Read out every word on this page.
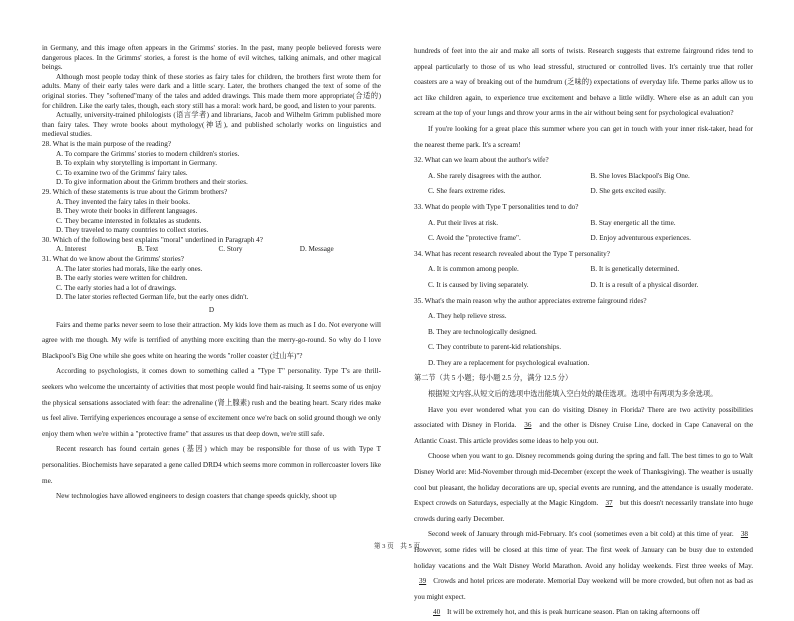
in Germany, and this image often appears in the Grimms' stories. In the past, many people believed forests were dangerous places. In the Grimms' stories, a forest is the home of evil witches, talking animals, and other magical beings.

Although most people today think of these stories as fairy tales for children, the brothers first wrote them for adults. Many of their early tales were dark and a little scary. Later, the brothers changed the text of some of the original stories. They "softened"many of the tales and added drawings. This made them more appropriate(合适的) for children. Like the early tales, though, each story still has a moral: work hard, be good, and listen to your parents.

Actually, university-trained philologists (语言学者) and librarians, Jacob and Wilhelm Grimm published more than fairy tales. They wrote books about mythology(神话), and published scholarly works on linguistics and medieval studies.

28. What is the main purpose of the reading?

A. To compare the Grimms' stories to modern children's stories.

B. To explain why storytelling is important in Germany.

C. To examine two of the Grimms' fairy tales.

D. To give information about the Grimm brothers and their stories.

29. Which of these statements is true about the Grimm brothers?

A. They invented the fairy tales in their books.

B. They wrote their books in different languages.

C. They became interested in folktales as students.

D. They traveled to many countries to collect stories.

30. Which of the following best explains "moral" underlined in Paragraph 4?

A. Interest	B. Text	C. Story	D. Message

31. What do we know about the Grimms' stories?

A. The later stories had morals, like the early ones.

B. The early stories were written for children.

C. The early stories had a lot of drawings.

D. The later stories reflected German life, but the early ones didn't.

D

Fairs and theme parks never seem to lose their attraction. My kids love them as much as I do. Not everyone will agree with me though. My wife is terrified of anything more exciting than the merry-go-round. So why do I love Blackpool's Big One while she goes white on hearing the words "roller coaster (过山车)"?

According to psychologists, it comes down to something called a "Type T" personality. Type T's are thrill-seekers who welcome the uncertainty of activities that most people would find hair-raising. It seems some of us enjoy the physical sensations associated with fear: the adrenaline (肾上腺素) rush and the beating heart. Scary rides make us feel alive. Terrifying experiences encourage a sense of excitement once we're back on solid ground though we only enjoy them when we're within a "protective frame" that assures us that deep down, we're still safe.

Recent research has found certain genes (基因) which may be responsible for those of us with Type T personalities. Biochemists have separated a gene called DRD4 which seems more common in rollercoaster lovers like me.

New technologies have allowed engineers to design coasters that change speeds quickly, shoot up

hundreds of feet into the air and make all sorts of twists. Research suggests that extreme fairground rides tend to appeal particularly to those of us who lead stressful, structured or controlled lives. It's certainly true that roller coasters are a way of breaking out of the humdrum (乏味的) expectations of everyday life. Theme parks allow us to act like children again, to experience true excitement and behave a little wildly. Where else as an adult can you scream at the top of your lungs and throw your arms in the air without being sent for psychological evaluation?

If you're looking for a great place this summer where you can get in touch with your inner risk-taker, head for the nearest theme park. It's a scream!

32. What can we learn about the author's wife?

A. She rarely disagrees with the author.	B. She loves Blackpool's Big One.
C. She fears extreme rides.	D. She gets excited easily.

33. What do people with Type T personalities tend to do?

A. Put their lives at risk.	B. Stay energetic all the time.
C. Avoid the "protective frame".	D. Enjoy adventurous experiences.

34. What has recent research revealed about the Type T personality?

A. It is common among people.	B. It is genetically determined.
C. It is caused by living separately.	D. It is a result of a physical disorder.

35. What's the main reason why the author appreciates extreme fairground rides?

A. They help relieve stress.

B. They are technologically designed.

C. They contribute to parent-kid relationships.

D. They are a replacement for psychological evaluation.

第二节（共 5 小题；每小题 2.5 分，满分 12.5 分）

根据短文内容,从短文后的选项中选出能填入空白处的最佳选项。选项中有两项为多余选项。

Have you ever wondered what you can do visiting Disney in Florida? There are two activity possibilities associated with Disney in Florida. 36 and the other is Disney Cruise Line, docked in Cape Canaveral on the Atlantic Coast. This article provides some ideas to help you out.

Choose when you want to go. Disney recommends going during the spring and fall. The best times to go to Walt Disney World are: Mid-November through mid-December (except the week of Thanksgiving). The weather is usually cool but pleasant, the holiday decorations are up, special events are running, and the attendance is usually moderate. Expect crowds on Saturdays, especially at the Magic Kingdom. 37 but this doesn't necessarily translate into huge crowds during early December.

Second week of January through mid-February. It's cool (sometimes even a bit cold) at this time of year. 38 However, some rides will be closed at this time of year. The first week of January can be busy due to extended holiday vacations and the Walt Disney World Marathon. Avoid any holiday weekends. First three weeks of May. 39 Crowds and hotel prices are moderate. Memorial Day weekend will be more crowded, but often not as bad as you might expect.

40 It will be extremely hot, and this is peak hurricane season. Plan on taking afternoons off

第 3 页　共 5 页
